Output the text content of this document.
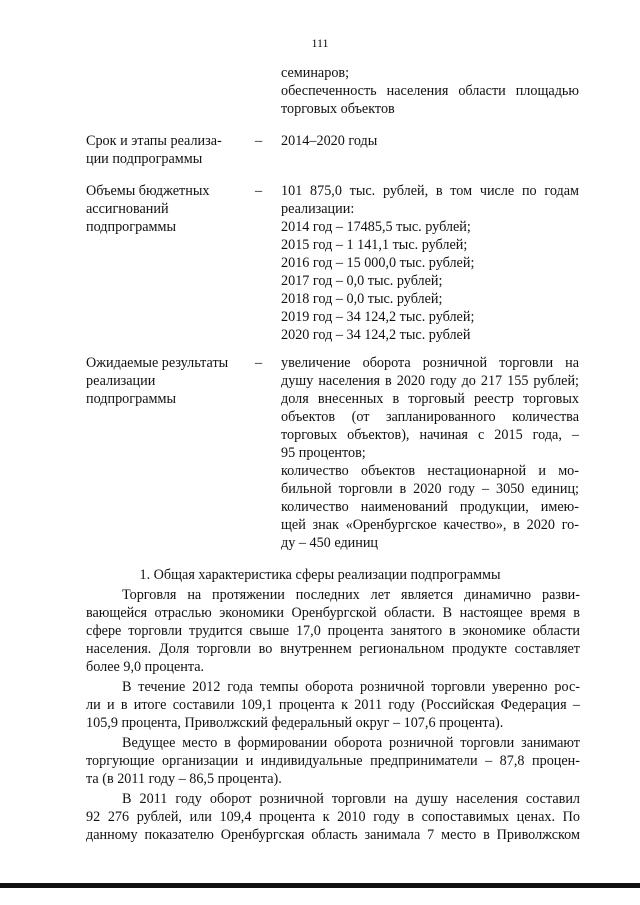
111
семинаров;
обеспеченность населения области площадью
торговых объектов
Срок и этапы реализа-
ции подпрограммы
– 2014–2020 годы
Объемы бюджетных
ассигнований
подпрограммы
– 101 875,0 тыс. рублей, в том числе по годам
реализации:
2014 год – 17485,5 тыс. рублей;
2015 год – 1 141,1 тыс. рублей;
2016 год – 15 000,0 тыс. рублей;
2017 год – 0,0 тыс. рублей;
2018 год – 0,0 тыс. рублей;
2019 год – 34 124,2 тыс. рублей;
2020 год – 34 124,2 тыс. рублей
Ожидаемые результаты
реализации
подпрограммы
– увеличение оборота розничной торговли на
душу населения в 2020 году до 217 155 рублей;
доля внесенных в торговый реестр торговых
объектов (от запланированного количества
торговых объектов), начиная с 2015 года, –
95 процентов;
количество объектов нестационарной и мо-
бильной торговли в 2020 году – 3050 единиц;
количество наименований продукции, имею-
щей знак «Оренбургское качество», в 2020 го-
ду – 450 единиц
1. Общая характеристика сферы реализации подпрограммы
Торговля на протяжении последних лет является динамично разви-
вающейся отраслью экономики Оренбургской области. В настоящее время в
сфере торговли трудится свыше 17,0 процента занятого в экономике области
населения. Доля торговли во внутреннем региональном продукте составляет
более 9,0 процента.
В течение 2012 года темпы оборота розничной торговли уверенно рос-
ли и в итоге составили 109,1 процента к 2011 году (Российская Федерация –
105,9 процента, Приволжский федеральный округ – 107,6 процента).
Ведущее место в формировании оборота розничной торговли занимают
торгующие организации и индивидуальные предприниматели – 87,8 процен-
та (в 2011 году – 86,5 процента).
В 2011 году оборот розничной торговли на душу населения составил
92 276 рублей, или 109,4 процента к 2010 году в сопоставимых ценах. По
данному показателю Оренбургская область занимала 7 место в Приволжском
